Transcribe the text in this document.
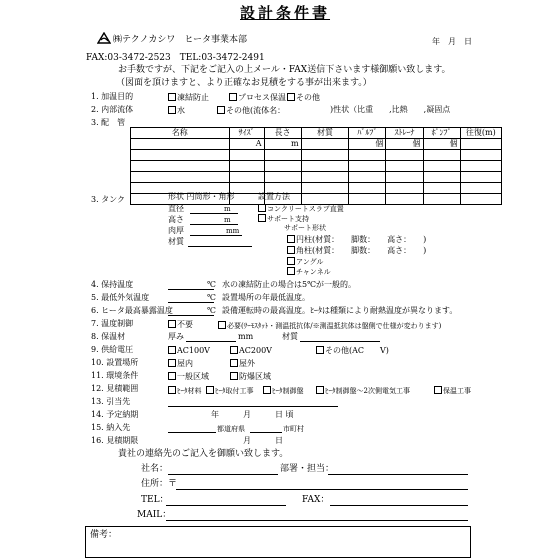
設計条件書
年　月　日
㈱テクノカシワ　ヒータ事業本部
FAX:03-3472-2523　TEL:03-3472-2491
お手数ですが、下記をご記入の上メール・FAX送信下さいます様御願い致します。
（図面を頂けますと、より正確なお見積をする事が出来ます。）
1. 加温目的	凍結防止	プロセス保温	その他
2. 内部流体	水	その他(流体名：	)性状（比重　　,比熱　　,凝固点
3. 配　管
名称	ｻｲｽﾞ	長さ	材質	ﾊﾞﾙﾌﾞ	ｽﾄﾚｰﾅ	ﾎﾟﾝﾌﾟ	往復(m)
	A	m		個	個	個	

3. タンク	形状 円筒形・角形
直径	m
高さ	m
肉厚	mm
材質
設置方法
コンクリートスラブ直置
サポート支持
サポート形状
円柱(材質：　　脚数：　　高さ：　　)
角柱(材質：　　脚数：　　高さ：　　)
アングル
チャンネル
4. 保持温度	℃ 水の凍結防止の場合は5℃が一般的。
5. 最低外気温度	℃ 設置場所の年最低温度。
6. ヒータ最高暴露温度	℃ 設備運転時の最高温度。ﾋｰﾀは種類により耐熱温度が異なります。
7. 温度制御	不要	必要(ｻｰﾓｽﾀｯﾄ・測温抵抗体/※測温抵抗体は盤側で仕様が変わります)
8. 保温材	厚み	mm	材質
9. 供給電圧	AC100V	AC200V	その他(AC　　V)
10. 設置場所	屋内	屋外
11. 環境条件	一般区域	防爆区域
12. 見積範囲	ﾋｰﾀ材料	ﾋｰﾀ取付工事	ﾋｰﾀ制御盤	ﾋｰﾀ制御盤～2次側電気工事	保温工事
13. 引当先
14. 予定納期	年	月	日 頃
15. 納入先	都道府県	市町村
16. 見積期限	月	日
貴社の連絡先のご記入を御願い致します。
社名：	部署・担当：
住所：〒
TEL：	FAX：
MAIL：
備考：
